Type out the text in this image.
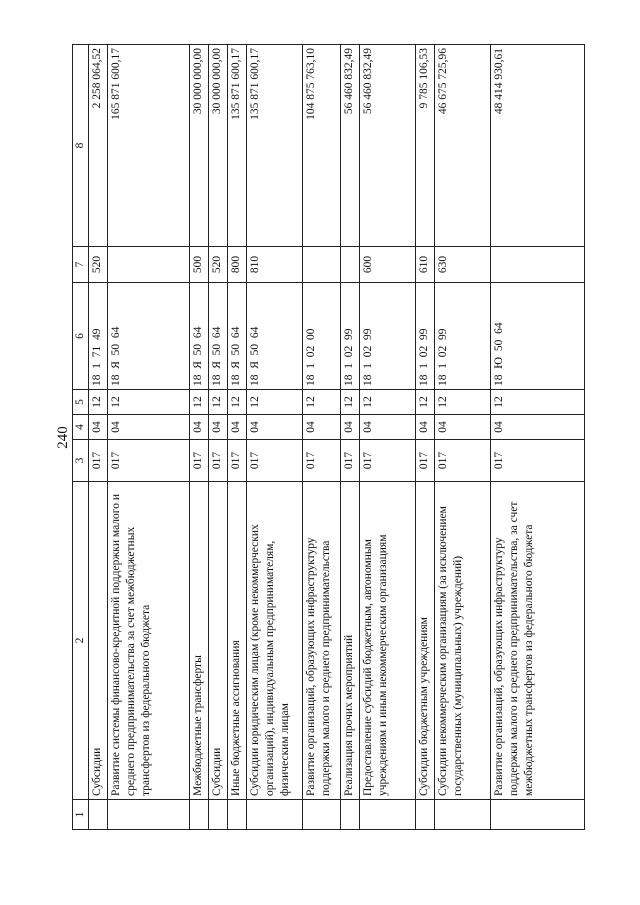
240
1	2	3	4	5	6	7	8
	Субсидии	017	04	12	18  1  71  49	520	2 258 064,52
	Развитие системы финансово-кредитной поддержки малого и среднего предпринимательства за счет межбюджетных трансфертов из федерального бюджета	017	04	12	18  Я  50  64		165 871 600,17
	Межбюджетные трансферты	017	04	12	18  Я  50  64	500	30 000 000,00
	Субсидии	017	04	12	18  Я  50  64	520	30 000 000,00
	Иные бюджетные ассигнования	017	04	12	18  Я  50  64	800	135 871 600,17
	Субсидии юридическим лицам (кроме некоммерческих организаций), индивидуальным предпринимателям, физическим лицам	017	04	12	18  Я  50  64	810	135 871 600,17
	Развитие организаций, образующих инфраструктуру поддержки малого и среднего предпринимательства	017	04	12	18  1  02  00		104 875 763,10
	Реализация прочих мероприятий	017	04	12	18  1  02  99		56 460 832,49
	Предоставление субсидий бюджетным, автономным учреждениям и иным некоммерческим организациям	017	04	12	18  1  02  99	600	56 460 832,49
	Субсидии бюджетным учреждениям	017	04	12	18  1  02  99	610	9 785 106,53
	Субсидии некоммерческим организациям (за исключением государственных (муниципальных) учреждений)	017	04	12	18  1  02  99	630	46 675 725,96
	Развитие организаций, образующих инфраструктуру поддержки малого и среднего предпринимательства, за счет межбюджетных трансфертов из федерального бюджета	017	04	12	18  Ю  50  64		48 414 930,61
